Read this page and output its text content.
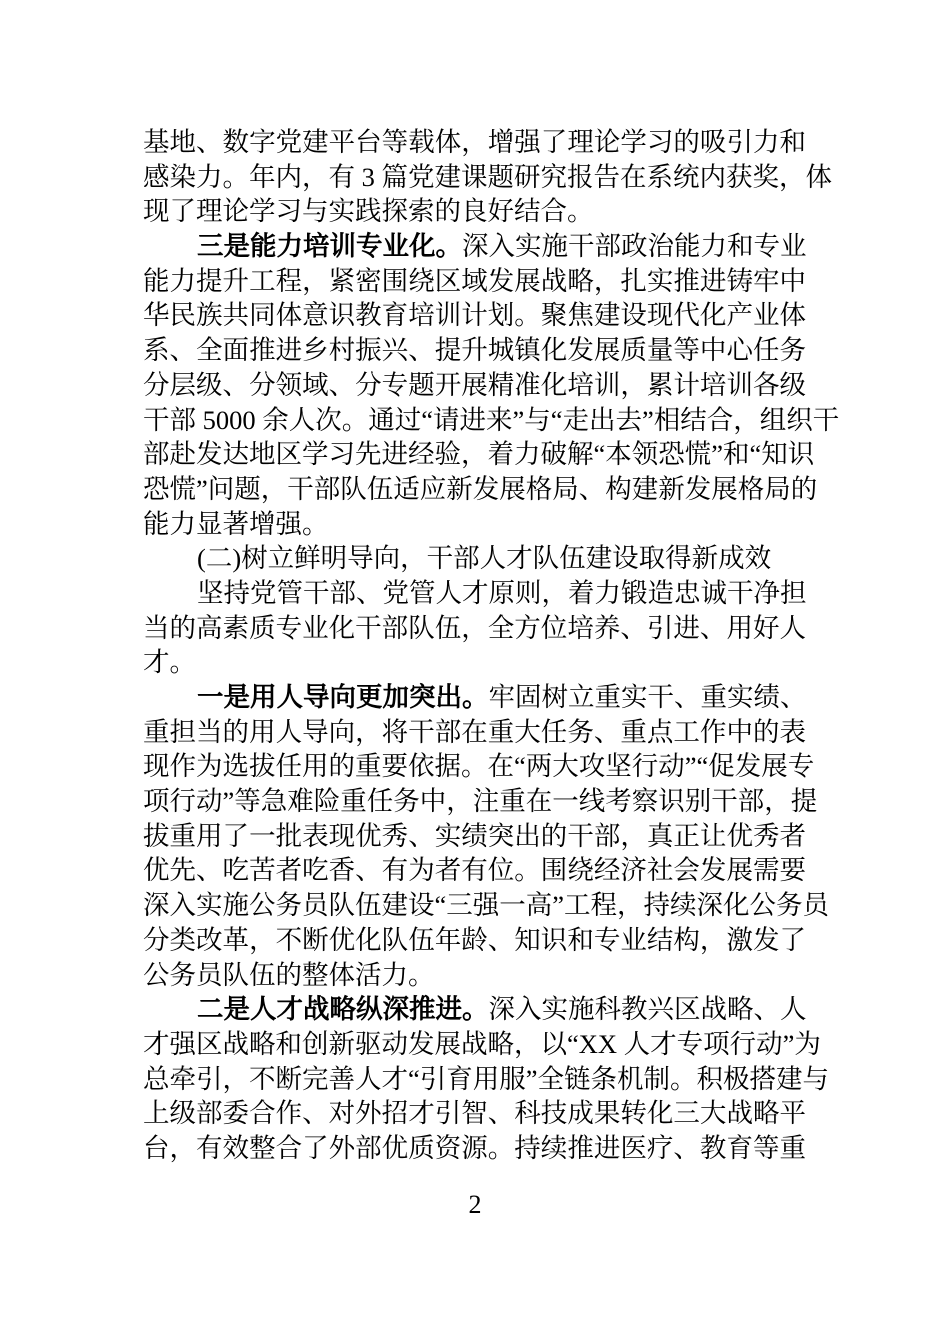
基地、数字党建平台等载体，增强了理论学习的吸引力和
感染力。年内，有 3 篇党建课题研究报告在系统内获奖，体
现了理论学习与实践探索的良好结合。
三是能力培训专业化。深入实施干部政治能力和专业
能力提升工程，紧密围绕区域发展战略，扎实推进铸牢中
华民族共同体意识教育培训计划。聚焦建设现代化产业体
系、全面推进乡村振兴、提升城镇化发展质量等中心任务
分层级、分领域、分专题开展精准化培训，累计培训各级
干部 5000 余人次。通过“请进来”与“走出去”相结合，组织干
部赴发达地区学习先进经验，着力破解“本领恐慌”和“知识
恐慌”问题，干部队伍适应新发展格局、构建新发展格局的
能力显著增强。
(二)树立鲜明导向，干部人才队伍建设取得新成效
坚持党管干部、党管人才原则，着力锻造忠诚干净担
当的高素质专业化干部队伍，全方位培养、引进、用好人
才。
一是用人导向更加突出。牢固树立重实干、重实绩、
重担当的用人导向，将干部在重大任务、重点工作中的表
现作为选拔任用的重要依据。在“两大攻坚行动”“促发展专
项行动”等急难险重任务中，注重在一线考察识别干部，提
拔重用了一批表现优秀、实绩突出的干部，真正让优秀者
优先、吃苦者吃香、有为者有位。围绕经济社会发展需要
深入实施公务员队伍建设“三强一高”工程，持续深化公务员
分类改革，不断优化队伍年龄、知识和专业结构，激发了
公务员队伍的整体活力。
二是人才战略纵深推进。深入实施科教兴区战略、人
才强区战略和创新驱动发展战略，以“XX 人才专项行动”为
总牵引，不断完善人才“引育用服”全链条机制。积极搭建与
上级部委合作、对外招才引智、科技成果转化三大战略平
台，有效整合了外部优质资源。持续推进医疗、教育等重
2
